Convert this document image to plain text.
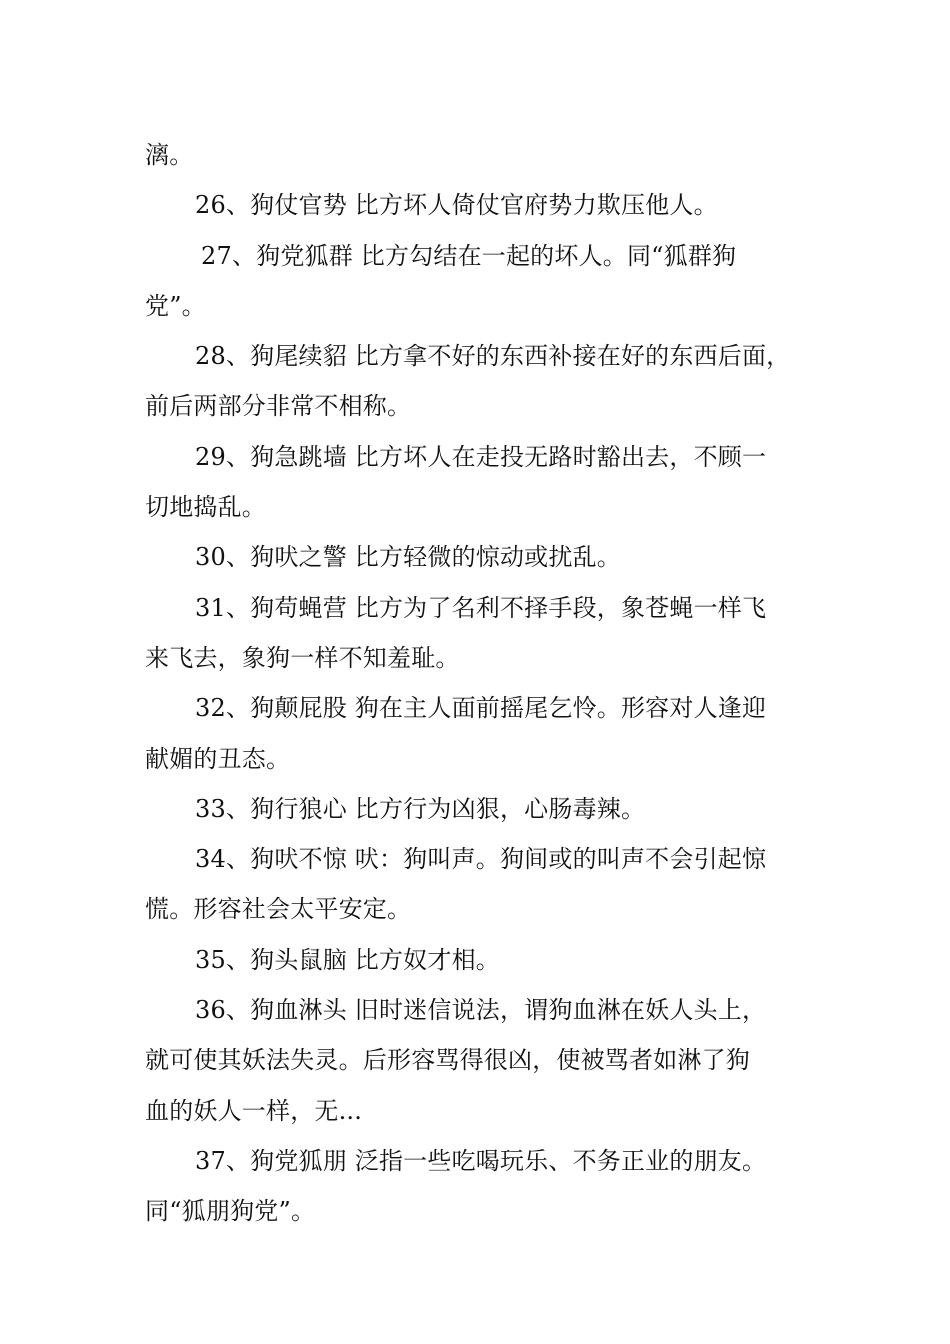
漓。
26、狗仗官势 比方坏人倚仗官府势力欺压他人。
27、狗党狐群 比方勾结在一起的坏人。同“狐群狗
党”。
28、狗尾续貂 比方拿不好的东西补接在好的东西后面，
前后两部分非常不相称。
29、狗急跳墙 比方坏人在走投无路时豁出去，不顾一
切地捣乱。
30、狗吠之警 比方轻微的惊动或扰乱。
31、狗苟蝇营 比方为了名利不择手段，象苍蝇一样飞
来飞去，象狗一样不知羞耻。
32、狗颠屁股 狗在主人面前摇尾乞怜。形容对人逢迎
献媚的丑态。
33、狗行狼心 比方行为凶狠，心肠毒辣。
34、狗吠不惊 吠：狗叫声。狗间或的叫声不会引起惊
慌。形容社会太平安定。
35、狗头鼠脑 比方奴才相。
36、狗血淋头 旧时迷信说法，谓狗血淋在妖人头上，
就可使其妖法失灵。后形容骂得很凶，使被骂者如淋了狗
血的妖人一样，无...
37、狗党狐朋 泛指一些吃喝玩乐、不务正业的朋友。
同“狐朋狗党”。
